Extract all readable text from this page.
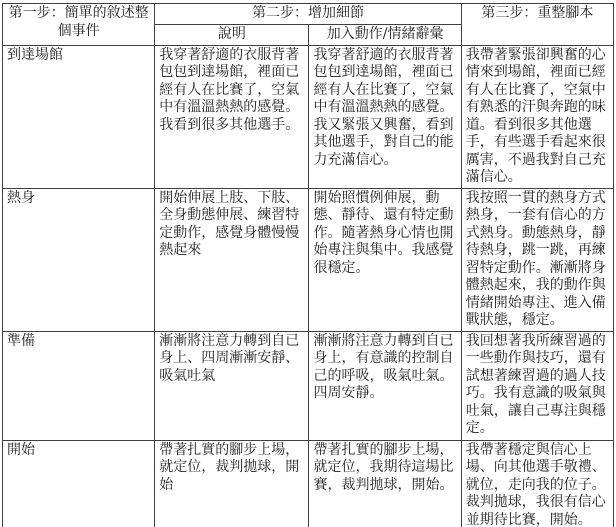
第一步：簡單的敘述整個事件	第二步：增加細節		第三步：重整腳本
	說明	加入動作/情緒辭彙	
到達場館	我穿著舒適的衣服背著包包到達場館，裡面已經有人在比賽了，空氣中有溫溫熱熱的感覺。我看到很多其他選手。	我穿著舒適的衣服背著包包到達場館，裡面已經有人在比賽了，空氣中有溫溫熱熱的感覺。我又緊張又興奮，看到其他選手，對自己的能力充滿信心。	我帶著緊張卻興奮的心情來到場館，裡面已經有人在比賽了，空氣中有熟悉的汗與奔跑的味道。看到很多其他選手，有些選手看起來很厲害，不過我對自己充滿信心。
熱身	開始伸展上肢、下肢、全身動態伸展、練習特定動作，感覺身體慢慢熱起來	開始照慣例伸展，動態、靜待、還有特定動作。隨著熱身心情也開始專注與集中。我感覺很穩定。	我按照一貫的熱身方式熱身，一套有信心的方式熱身。動態熱身，靜待熱身，跳一跳，再練習特定動作。漸漸將身體熱起來，我的動作與情緒開始專注、進入備戰狀態，穩定。
準備	漸漸將注意力轉到自已身上、四周漸漸安靜、吸氣吐氣	漸漸將注意力轉到自已身上，有意識的控制自己的呼吸，吸氣吐氣。四周安靜。	我回想著我所練習過的一些動作與技巧，還有試想著練習過的過人技巧。我有意識的吸氣與吐氣，讓自己專注與穩定。
開始	帶著扎實的腳步上場，就定位，裁判拋球，開始	帶著扎實的腳步上場，就定位，我期待這場比賽，裁判拋球，開始。	我帶著穩定與信心上場、向其他選手敬禮、就位，走向我的位子。裁判拋球，我很有信心並期待比賽，開始。
